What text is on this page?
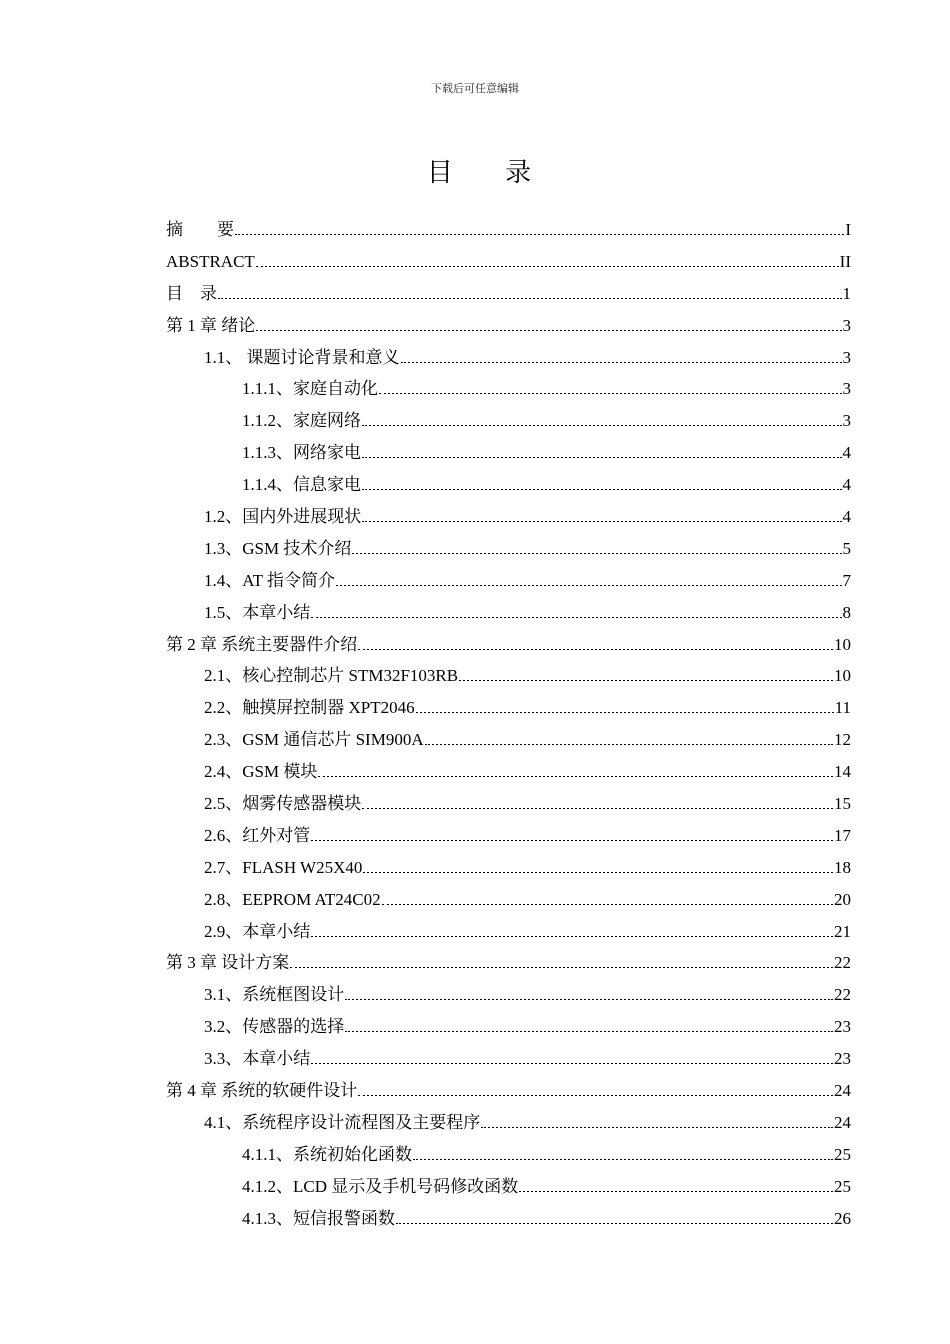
下载后可任意编辑
目 录
摘　　要	I
ABSTRACT	II
目　录	1
第 1 章 绪论	3
1.1、 课题讨论背景和意义	3
1.1.1、家庭自动化	3
1.1.2、家庭网络	3
1.1.3、网络家电	4
1.1.4、信息家电	4
1.2、国内外进展现状	4
1.3、GSM 技术介绍	5
1.4、AT 指令简介	7
1.5、本章小结	8
第 2 章 系统主要器件介绍	10
2.1、核心控制芯片 STM32F103RB	10
2.2、触摸屏控制器 XPT2046	11
2.3、GSM 通信芯片 SIM900A	12
2.4、GSM 模块	14
2.5、烟雾传感器模块	15
2.6、红外对管	17
2.7、FLASH W25X40	18
2.8、EEPROM AT24C02	20
2.9、本章小结	21
第 3 章 设计方案	22
3.1、系统框图设计	22
3.2、传感器的选择	23
3.3、本章小结	23
第 4 章 系统的软硬件设计	24
4.1、系统程序设计流程图及主要程序	24
4.1.1、系统初始化函数	25
4.1.2、LCD 显示及手机号码修改函数	25
4.1.3、短信报警函数	26
